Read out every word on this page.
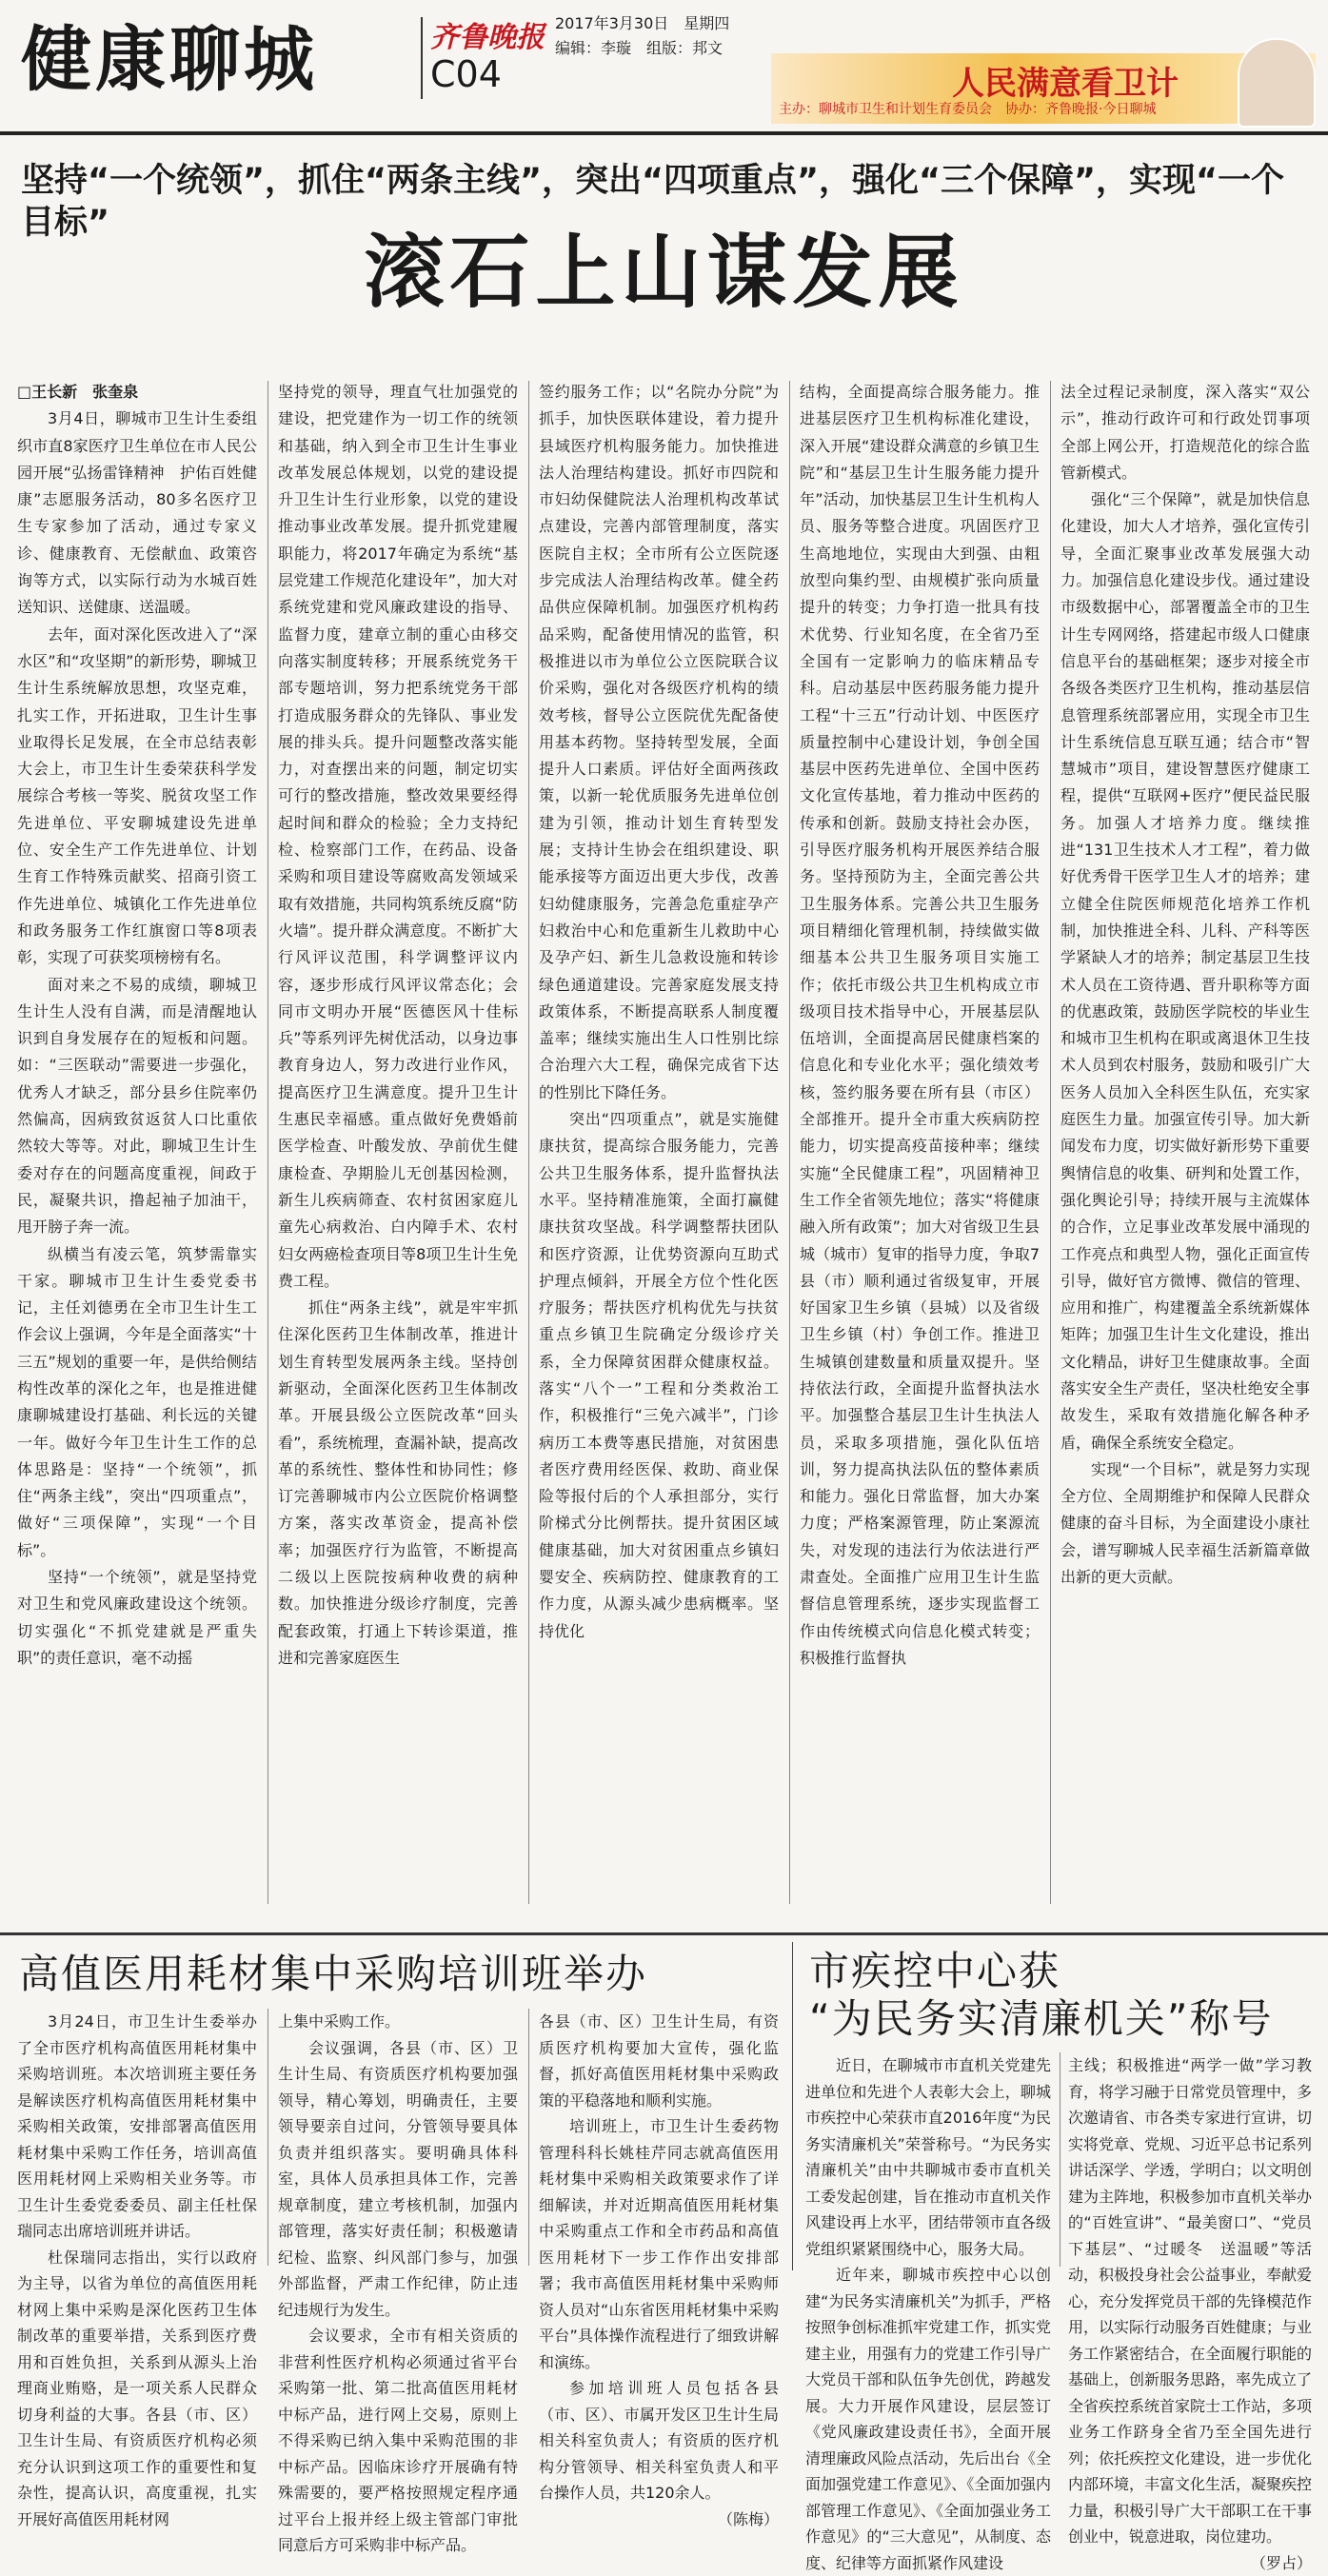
健康聊城	齐鲁晚报
C04
2017年3月30日　星期四
编辑：李璇　组版：邦文
人民满意看卫计
主办：聊城市卫生和计划生育委员会　协办：齐鲁晚报·今日聊城
坚持“一个统领”，抓住“两条主线”，突出“四项重点”，强化“三个保障”，实现“一个目标”
滚石上山谋发展

□王长新　张奎泉

3月4日，聊城市卫生计生委组织市直8家医疗卫生单位在市人民公园开展“弘扬雷锋精神　护佑百姓健康”志愿服务活动，80多名医疗卫生专家参加了活动，通过专家义诊、健康教育、无偿献血、政策咨询等方式，以实际行动为水城百姓送知识、送健康、送温暖。

去年，面对深化医改进入了“深水区”和“攻坚期”的新形势，聊城卫生计生系统解放思想，攻坚克难，扎实工作，开拓进取，卫生计生事业取得长足发展，在全市总结表彰大会上，市卫生计生委荣获科学发展综合考核一等奖、脱贫攻坚工作先进单位、平安聊城建设先进单位、安全生产工作先进单位、计划生育工作特殊贡献奖、招商引资工作先进单位、城镇化工作先进单位和政务服务工作红旗窗口等8项表彰，实现了可获奖项榜榜有名。

面对来之不易的成绩，聊城卫生计生人没有自满，而是清醒地认识到自身发展存在的短板和问题。如：“三医联动”需要进一步强化，优秀人才缺乏，部分县乡住院率仍然偏高，因病致贫返贫人口比重依然较大等等。对此，聊城卫生计生委对存在的问题高度重视，间政于民，凝聚共识，撸起袖子加油干，甩开膀子奔一流。

纵横当有凌云笔，筑梦需靠实干家。聊城市卫生计生委党委书记，主任刘德勇在全市卫生计生工作会议上强调，今年是全面落实“十三五”规划的重要一年，是供给侧结构性改革的深化之年，也是推进健康聊城建设打基础、利长远的关键一年。做好今年卫生计生工作的总体思路是：坚持“一个统领”，抓住“两条主线”，突出“四项重点”，做好“三项保障”，实现“一个目标”。

坚持“一个统领”，就是坚持党对卫生和党风廉政建设这个统领。切实强化“不抓党建就是严重失职”的责任意识，毫不动摇

坚持党的领导，理直气壮加强党的建设，把党建作为一切工作的统领和基础，纳入到全市卫生计生事业改革发展总体规划，以党的建设提升卫生计生行业形象，以党的建设推动事业改革发展。提升抓党建履职能力，将2017年确定为系统“基层党建工作规范化建设年”，加大对系统党建和党风廉政建设的指导、监督力度，建章立制的重心由移交向落实制度转移；开展系统党务干部专题培训，努力把系统党务干部打造成服务群众的先锋队、事业发展的排头兵。提升问题整改落实能力，对查摆出来的问题，制定切实可行的整改措施，整改效果要经得起时间和群众的检验；全力支持纪检、检察部门工作，在药品、设备采购和项目建设等腐败高发领域采取有效措施，共同构筑系统反腐“防火墙”。提升群众满意度。不断扩大行风评议范围，科学调整评议内容，逐步形成行风评议常态化；会同市文明办开展“医德医风十佳标兵”等系列评先树优活动，以身边事教育身边人，努力改进行业作风，提高医疗卫生满意度。提升卫生计生惠民幸福感。重点做好免费婚前医学检查、叶酸发放、孕前优生健康检查、孕期脸儿无创基因检测，新生儿疾病筛查、农村贫困家庭儿童先心病救治、白内障手术、农村妇女两癌检查项目等8项卫生计生免费工程。

抓住“两条主线”，就是牢牢抓住深化医药卫生体制改革，推进计划生育转型发展两条主线。坚持创新驱动，全面深化医药卫生体制改革。开展县级公立医院改革“回头看”，系统梳理，查漏补缺，提高改革的系统性、整体性和协同性；修订完善聊城市内公立医院价格调整方案，落实改革资金，提高补偿率；加强医疗行为监管，不断提高二级以上医院按病种收费的病种数。加快推进分级诊疗制度，完善配套政策，打通上下转诊渠道，推进和完善家庭医生

签约服务工作；以“名院办分院”为抓手，加快医联体建设，着力提升县域医疗机构服务能力。加快推进法人治理结构建设。抓好市四院和市妇幼保健院法人治理机构改革试点建设，完善内部管理制度，落实医院自主权；全市所有公立医院逐步完成法人治理结构改革。健全药品供应保障机制。加强医疗机构药品采购，配备使用情况的监管，积极推进以市为单位公立医院联合议价采购，强化对各级医疗机构的绩效考核，督导公立医院优先配备使用基本药物。坚持转型发展，全面提升人口素质。评估好全面两孩政策，以新一轮优质服务先进单位创建为引领，推动计划生育转型发展；支持计生协会在组织建设、职能承接等方面迈出更大步伐，改善妇幼健康服务，完善急危重症孕产妇救治中心和危重新生儿救助中心及孕产妇、新生儿急救设施和转诊绿色通道建设。完善家庭发展支持政策体系，不断提高联系人制度覆盖率；继续实施出生人口性别比综合治理六大工程，确保完成省下达的性别比下降任务。

突出“四项重点”，就是实施健康扶贫，提高综合服务能力，完善公共卫生服务体系，提升监督执法水平。坚持精准施策，全面打赢健康扶贫攻坚战。科学调整帮扶团队和医疗资源，让优势资源向互助式护理点倾斜，开展全方位个性化医疗服务；帮扶医疗机构优先与扶贫重点乡镇卫生院确定分级诊疗关系，全力保障贫困群众健康权益。落实“八个一”工程和分类救治工作，积极推行“三免六减半”，门诊病历工本费等惠民措施，对贫困患者医疗费用经医保、救助、商业保险等报付后的个人承担部分，实行阶梯式分比例帮扶。提升贫困区域健康基础，加大对贫困重点乡镇妇婴安全、疾病防控、健康教育的工作力度，从源头减少患病概率。坚持优化

结构，全面提高综合服务能力。推进基层医疗卫生机构标准化建设，深入开展“建设群众满意的乡镇卫生院”和“基层卫生计生服务能力提升年”活动，加快基层卫生计生机构人员、服务等整合进度。巩固医疗卫生高地地位，实现由大到强、由粗放型向集约型、由规模扩张向质量提升的转变；力争打造一批具有技术优势、行业知名度，在全省乃至全国有一定影响力的临床精品专科。启动基层中医药服务能力提升工程“十三五”行动计划、中医医疗质量控制中心建设计划，争创全国基层中医药先进单位、全国中医药文化宣传基地，着力推动中医药的传承和创新。鼓励支持社会办医，引导医疗服务机构开展医养结合服务。坚持预防为主，全面完善公共卫生服务体系。完善公共卫生服务项目精细化管理机制，持续做实做细基本公共卫生服务项目实施工作；依托市级公共卫生机构成立市级项目技术指导中心，开展基层队伍培训，全面提高居民健康档案的信息化和专业化水平；强化绩效考核，签约服务要在所有县（市区）全部推开。提升全市重大疾病防控能力，切实提高疫苗接种率；继续实施“全民健康工程”，巩固精神卫生工作全省领先地位；落实“将健康融入所有政策”；加大对省级卫生县城（城市）复审的指导力度，争取7县（市）顺利通过省级复审，开展好国家卫生乡镇（县城）以及省级卫生乡镇（村）争创工作。推进卫生城镇创建数量和质量双提升。坚持依法行政，全面提升监督执法水平。加强整合基层卫生计生执法人员，采取多项措施，强化队伍培训，努力提高执法队伍的整体素质和能力。强化日常监督，加大办案力度；严格案源管理，防止案源流失，对发现的违法行为依法进行严肃查处。全面推广应用卫生计生监督信息管理系统，逐步实现监督工作由传统模式向信息化模式转变；积极推行监督执

法全过程记录制度，深入落实“双公示”，推动行政许可和行政处罚事项全部上网公开，打造规范化的综合监管新模式。

强化“三个保障”，就是加快信息化建设，加大人才培养，强化宣传引导，全面汇聚事业改革发展强大动力。加强信息化建设步伐。通过建设市级数据中心，部署覆盖全市的卫生计生专网网络，搭建起市级人口健康信息平台的基础框架；逐步对接全市各级各类医疗卫生机构，推动基层信息管理系统部署应用，实现全市卫生计生系统信息互联互通；结合市“智慧城市”项目，建设智慧医疗健康工程，提供“互联网+医疗”便民益民服务。加强人才培养力度。继续推进“131卫生技术人才工程”，着力做好优秀骨干医学卫生人才的培养；建立健全住院医师规范化培养工作机制，加快推进全科、儿科、产科等医学紧缺人才的培养；制定基层卫生技术人员在工资待遇、晋升职称等方面的优惠政策，鼓励医学院校的毕业生和城市卫生机构在职或离退休卫生技术人员到农村服务，鼓励和吸引广大医务人员加入全科医生队伍，充实家庭医生力量。加强宣传引导。加大新闻发布力度，切实做好新形势下重要舆情信息的收集、研判和处置工作，强化舆论引导；持续开展与主流媒体的合作，立足事业改革发展中涌现的工作亮点和典型人物，强化正面宣传引导，做好官方微博、微信的管理、应用和推广，构建覆盖全系统新媒体矩阵；加强卫生计生文化建设，推出文化精品，讲好卫生健康故事。全面落实安全生产责任，坚决杜绝安全事故发生，采取有效措施化解各种矛盾，确保全系统安全稳定。

实现“一个目标”，就是努力实现全方位、全周期维护和保障人民群众健康的奋斗目标，为全面建设小康社会，谱写聊城人民幸福生活新篇章做出新的更大贡献。

高值医用耗材集中采购培训班举办

3月24日，市卫生计生委举办了全市医疗机构高值医用耗材集中采购培训班。本次培训班主要任务是解读医疗机构高值医用耗材集中采购相关政策，安排部署高值医用耗材集中采购工作任务，培训高值医用耗材网上采购相关业务等。市卫生计生委党委委员、副主任杜保瑞同志出席培训班并讲话。

杜保瑞同志指出，实行以政府为主导，以省为单位的高值医用耗材网上集中采购是深化医药卫生体制改革的重要举措，关系到医疗费用和百姓负担，关系到从源头上治理商业贿赂，是一项关系人民群众切身利益的大事。各县（市、区）卫生计生局、有资质医疗机构必须充分认识到这项工作的重要性和复杂性，提高认识，高度重视，扎实开展好高值医用耗材网

上集中采购工作。

会议强调，各县（市、区）卫生计生局、有资质医疗机构要加强领导，精心筹划，明确责任，主要领导要亲自过问，分管领导要具体负责并组织落实。要明确具体科室，具体人员承担具体工作，完善规章制度，建立考核机制，加强内部管理，落实好责任制；积极邀请纪检、监察、纠风部门参与，加强外部监督，严肃工作纪律，防止违纪违规行为发生。

会议要求，全市有相关资质的非营利性医疗机构必须通过省平台采购第一批、第二批高值医用耗材中标产品，进行网上交易，原则上不得采购已纳入集中采购范围的非中标产品。因临床诊疗开展确有特殊需要的，要严格按照规定程序通过平台上报并经上级主管部门审批同意后方可采购非中标产品。

各县（市、区）卫生计生局，有资质医疗机构要加大宣传，强化监督，抓好高值医用耗材集中采购政策的平稳落地和顺利实施。

培训班上，市卫生计生委药物管理科科长姚桂芹同志就高值医用耗材集中采购相关政策要求作了详细解读，并对近期高值医用耗材集中采购重点工作和全市药品和高值医用耗材下一步工作作出安排部署；我市高值医用耗材集中采购师资人员对“山东省医用耗材集中采购平台”具体操作流程进行了细致讲解和演练。

参加培训班人员包括各县（市、区）、市属开发区卫生计生局相关科室负责人；有资质的医疗机构分管领导、相关科室负责人和平台操作人员，共120余人。

（陈梅）

市疾控中心获
“为民务实清廉机关”称号

近日，在聊城市市直机关党建先进单位和先进个人表彰大会上，聊城市疾控中心荣获市直2016年度“为民务实清廉机关”荣誉称号。“为民务实清廉机关”由中共聊城市委市直机关工委发起创建，旨在推动市直机关作风建设再上水平，团结带领市直各级党组织紧紧围绕中心，服务大局。

近年来，聊城市疾控中心以创建“为民务实清廉机关”为抓手，严格按照争创标准抓牢党建工作，抓实党建主业，用强有力的党建工作引导广大党员干部和队伍争先创优，跨越发展。大力开展作风建设，层层签订《党风廉政建设责任书》，全面开展清理廉政风险点活动，先后出台《全面加强党建工作意见》、《全面加强内部管理工作意见》、《全面加强业务工作意见》的“三大意见”，从制度、态度、纪律等方面抓紧作风建设

主线；积极推进“两学一做”学习教育，将学习融于日常党员管理中，多次邀请省、市各类专家进行宣讲，切实将党章、党规、习近平总书记系列讲话深学、学透，学明白；以文明创建为主阵地，积极参加市直机关举办的“百姓宣讲”、“最美窗口”、“党员下基层”、“过暖冬　送温暖”等活动，积极投身社会公益事业，奉献爱心，充分发挥党员干部的先锋模范作用，以实际行动服务百姓健康；与业务工作紧密结合，在全面履行职能的基础上，创新服务思路，率先成立了全省疾控系统首家院士工作站，多项业务工作跻身全省乃至全国先进行列；依托疾控文化建设，进一步优化内部环境，丰富文化生活，凝聚疾控力量，积极引导广大干部职工在干事创业中，锐意进取，岗位建功。

（罗占）
